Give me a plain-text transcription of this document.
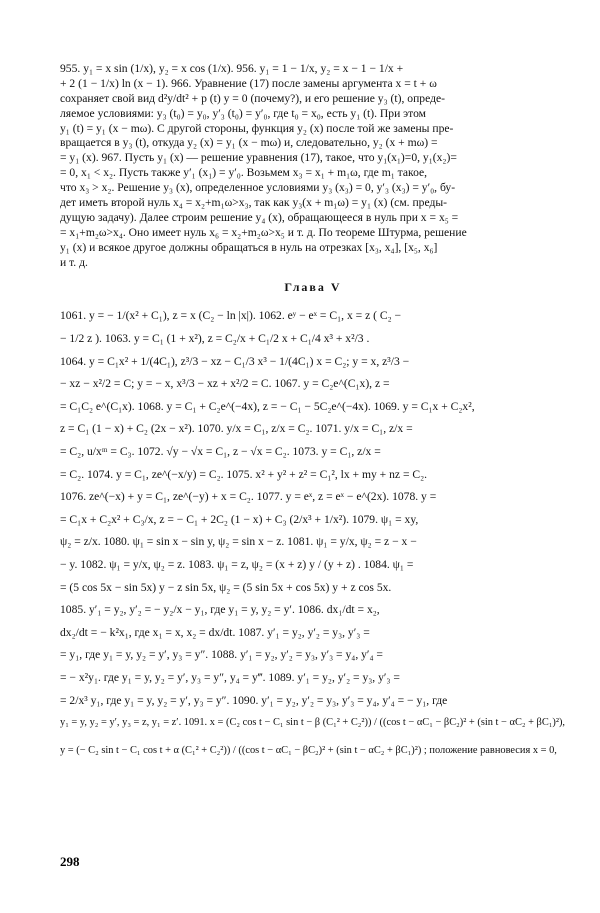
955. y₁ = x sin (1/x), y₂ = x cos (1/x). 956. y₁ = 1 − 1/x, y₂ = x − 1 − 1/x +
+ 2 (1 − 1/x) ln (x − 1). 966. Уравнение (17) после замены аргумента x = t + ω
сохраняет свой вид d²y/dt² + p (t) y = 0 (почему?), и его решение y₃ (t), опреде-
ляемое условиями: y₃ (t₀) = y₀, y′₃ (t₀) = y′₀, где t₀ = x₀, есть y₁ (t). При этом
y₁ (t) = y₁ (x − mω). С другой стороны, функция y₂ (x) после той же замены пре-
вращается в y₃ (t), откуда y₂ (x) = y₁ (x − mω) и, следовательно, y₂ (x + mω) =
= y₁ (x). 967. Пусть y₁ (x) — решение уравнения (17), такое, что y₁(x₁)=0, y₁(x₂)=
= 0, x₁ < x₂. Пусть также y′₁ (x₁) = y′₀. Возьмем x₃ = x₁ + m₁ω, где m₁ такое,
что x₃ > x₂. Решение y₃ (x), определенное условиями y₃ (x₃) = 0, y′₃ (x₃) = y′₀, бу-
дет иметь второй нуль x₄ = x₂+m₁ω>x₃, так как y₃(x + m₁ω) = y₁ (x) (см. преды-
дущую задачу). Далее строим решение y₄ (x), обращающееся в нуль при x = x₅ =
= x₁+m₂ω>x₄. Оно имеет нуль x₆ = x₂+m₂ω>x₅ и т. д. По теореме Штурма, решение
y₁ (x) и всякое другое должны обращаться в нуль на отрезках [x₃, x₄], [x₅, x₆]
и т. д.
Глава V
1061. y = − 1/(x² + C₁), z = x (C₂ − ln |x|). 1062. eʸ − eˣ = C₁, x = z ( C₂ −
− 1/2 z ). 1063. y = C₁ (1 + x²), z = C₂/x + C₁/2 x + C₁/4 x³ + x²/3 .
1064. y = C₁x² + 1/(4C₁), z³/3 − xz − C₁/3 x³ − 1/(4C₁) x = C₂; y = x, z³/3 −
− xz − x²/2 = C; y = − x, x³/3 − xz + x²/2 = C. 1067. y = C₂e^(C₁x), z =
= C₁C₂ e^(C₁x). 1068. y = C₁ + C₂e^(−4x), z = − C₁ − 5C₂e^(−4x). 1069. y = C₁x + C₂x²,
z = C₁ (1 − x) + C₂ (2x − x²). 1070. y/x = C₁, z/x = C₂. 1071. y/x = C₁, z/x =
= C₂, u/xᵐ = C₃. 1072. √y − √x = C₁, z − √x = C₂. 1073. y = C₁, z/x =
= C₂. 1074. y = C₁, ze^(−x/y) = C₂. 1075. x² + y² + z² = C₁², lx + my + nz = C₂.
1076. ze^(−x) + y = C₁, ze^(−y) + x = C₂. 1077. y = eˣ, z = eˣ − e^(2x). 1078. y =
= C₁x + C₂x² + C₃/x, z = − C₁ + 2C₂ (1 − x) + C₃ (2/x³ + 1/x²). 1079. ψ₁ = xy,
ψ₂ = z/x. 1080. ψ₁ = sin x − sin y, ψ₂ = sin x − z. 1081. ψ₁ = y/x, ψ₂ = z − x −
− y. 1082. ψ₁ = y/x, ψ₂ = z. 1083. ψ₁ = z, ψ₂ = (x + z) y / (y + z) . 1084. ψ₁ =
= (5 cos 5x − sin 5x) y − z sin 5x, ψ₂ = (5 sin 5x + cos 5x) y + z cos 5x.
1085. y′₁ = y₂, y′₂ = − y₂/x − y₁, где y₁ = y, y₂ = y′. 1086. dx₁/dt = x₂,
dx₂/dt = − k²x₁, где x₁ = x, x₂ = dx/dt. 1087. y′₁ = y₂, y′₂ = y₃, y′₃ =
= y₁, где y₁ = y, y₂ = y′, y₃ = y″. 1088. y′₁ = y₂, y′₂ = y₃, y′₃ = y₄, y′₄ =
= − x²y₁. где y₁ = y, y₂ = y′, y₃ = y″, y₄ = y‴. 1089. y′₁ = y₂, y′₂ = y₃, y′₃ =
= 2/x³ y₁, где y₁ = y, y₂ = y′, y₃ = y″. 1090. y′₁ = y₂, y′₂ = y₃, y′₃ = y₄, y′₄ = − y₁, где
y₁ = y, y₂ = y′, y₃ = z, y₁ = z′. 1091. x = (C₂ cos t − C₁ sin t − β (C₁² + C₂²)) / ((cos t − αC₁ − βC₂)² + (sin t − αC₂ + βC₁)²),
y = (− C₂ sin t − C₁ cos t + α (C₁² + C₂²)) / ((cos t − αC₁ − βC₂)² + (sin t − αC₂ + βC₁)²) ; положение равновесия x = 0,
298
